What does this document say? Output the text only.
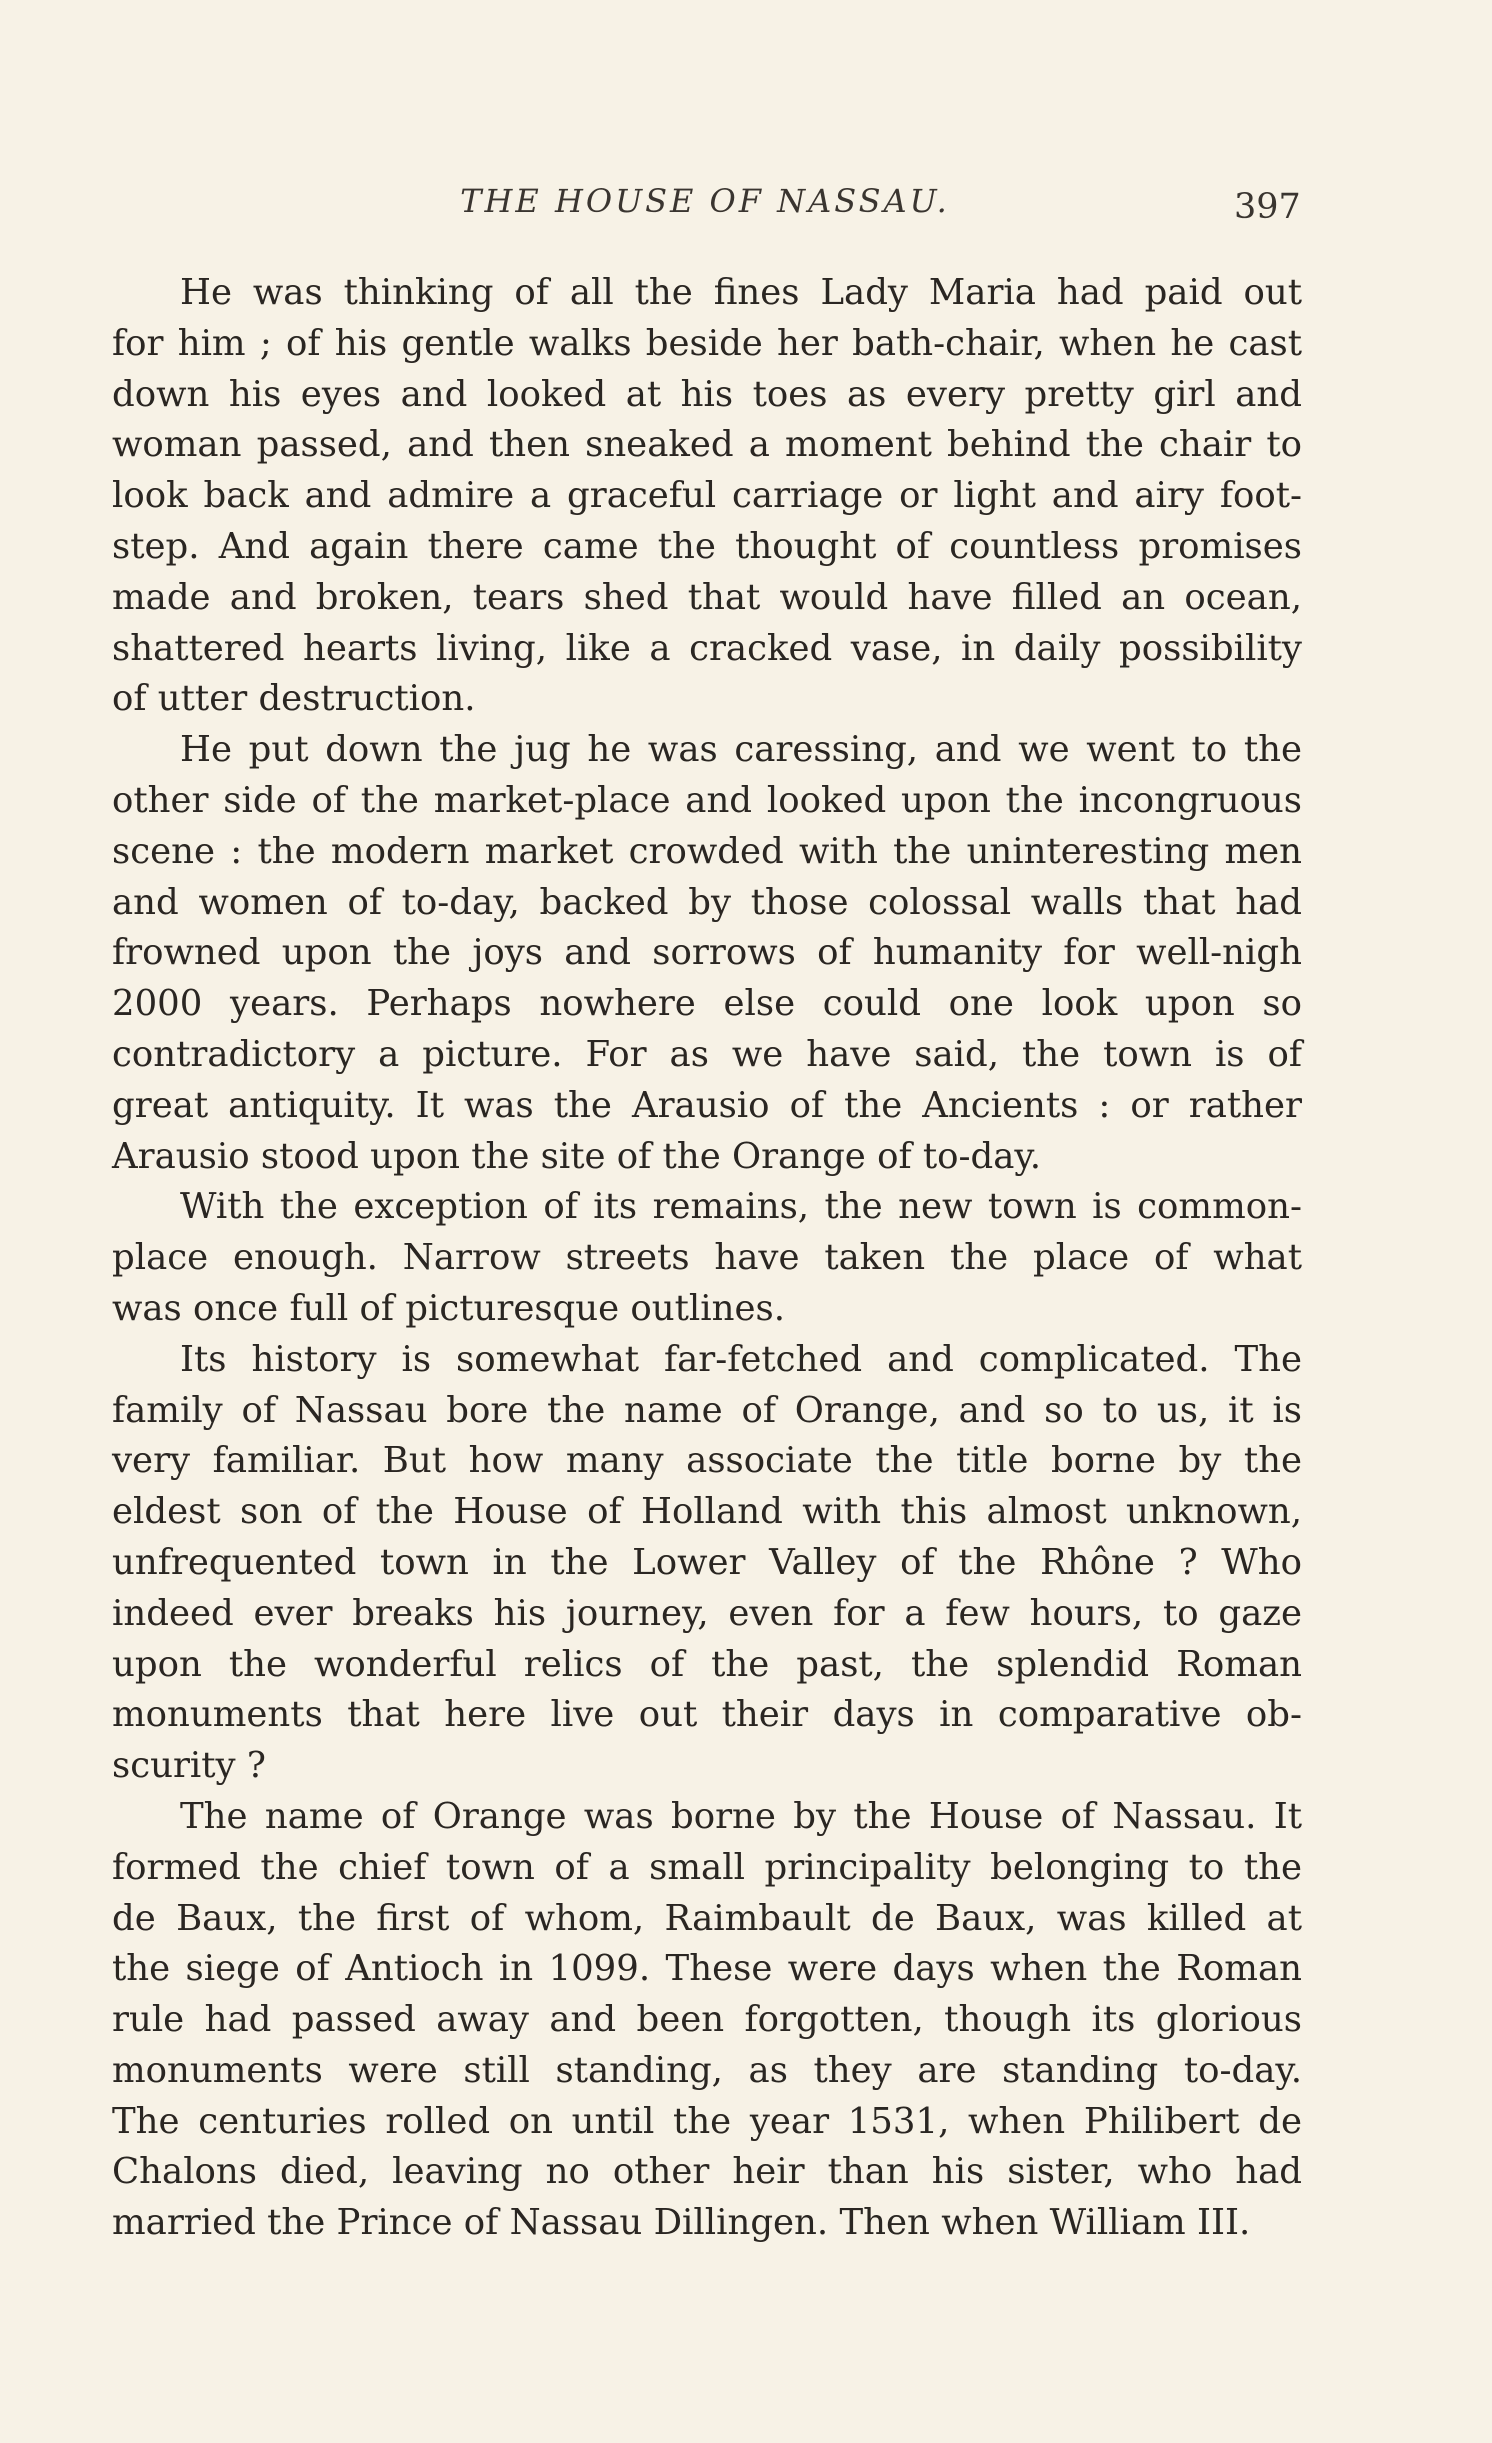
THE HOUSE OF NASSAU.	397
He was thinking of all the fines Lady Maria had paid out
for him ; of his gentle walks beside her bath-chair, when he cast
down his eyes and looked at his toes as every pretty girl and
woman passed, and then sneaked a moment behind the chair to
look back and admire a graceful carriage or light and airy foot-
step. And again there came the thought of countless promises
made and broken, tears shed that would have filled an ocean,
shattered hearts living, like a cracked vase, in daily possibility
of utter destruction.
He put down the jug he was caressing, and we went to the
other side of the market-place and looked upon the incongruous
scene : the modern market crowded with the uninteresting men
and women of to-day, backed by those colossal walls that had
frowned upon the joys and sorrows of humanity for well-nigh
2000 years. Perhaps nowhere else could one look upon so
contradictory a picture. For as we have said, the town is of
great antiquity. It was the Arausio of the Ancients : or rather
Arausio stood upon the site of the Orange of to-day.
With the exception of its remains, the new town is common-
place enough. Narrow streets have taken the place of what
was once full of picturesque outlines.
Its history is somewhat far-fetched and complicated. The
family of Nassau bore the name of Orange, and so to us, it is
very familiar. But how many associate the title borne by the
eldest son of the House of Holland with this almost unknown,
unfrequented town in the Lower Valley of the Rhône ? Who
indeed ever breaks his journey, even for a few hours, to gaze
upon the wonderful relics of the past, the splendid Roman
monuments that here live out their days in comparative ob-
scurity ?
The name of Orange was borne by the House of Nassau. It
formed the chief town of a small principality belonging to the
de Baux, the first of whom, Raimbault de Baux, was killed at
the siege of Antioch in 1099. These were days when the Roman
rule had passed away and been forgotten, though its glorious
monuments were still standing, as they are standing to-day.
The centuries rolled on until the year 1531, when Philibert de
Chalons died, leaving no other heir than his sister, who had
married the Prince of Nassau Dillingen. Then when William III.
